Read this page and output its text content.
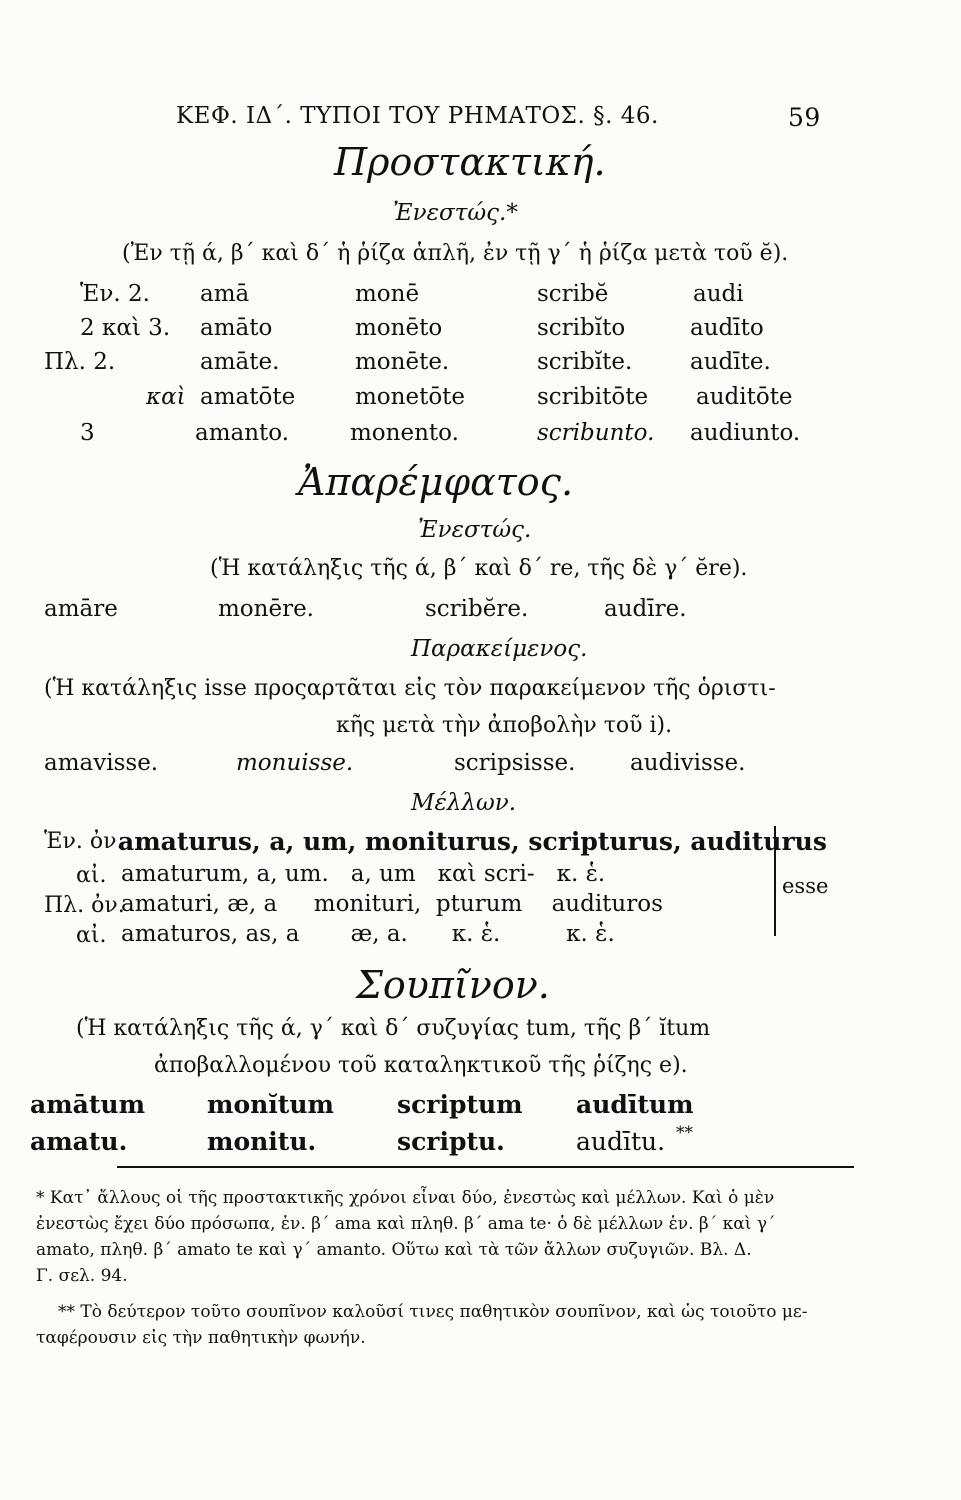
ΚΕΦ. ΙΔ΄. ΤΥΠΟΙ ΤΟΥ ΡΗΜΑΤΟΣ. §. 46.	59
Προστακτική.
Ἐνεστώς.*
(Ἐν τῇ ά, β΄ καὶ δ΄ ἡ ῥίζα ἁπλῆ, ἐν τῇ γ΄ ἡ ῥίζα μετὰ τοῦ ĕ).
Ἑν. 2. amā	monē	scribĕ	audi
2 καὶ 3. amāto	monēto	scribĭto	audīto
Πλ. 2.	amāte.	monēte.	scribĭte.	audīte.
καὶ amatōte	monetōte	scribitōte auditōte
3	amanto.	monento.	scribunto. audiunto.
Ἀπαρέμφατος.
Ἐνεστώς.
(Ἡ κατάληξις τῆς ά, β΄ καὶ δ΄ re, τῆς δὲ γ΄ ĕre).
amāre	monēre.	scribĕre.	audīre.
Παρακείμενος.
(Ἡ κατάληξις isse προςαρτᾶται εἰς τὸν παρακείμενον τῆς ὁριστι-
κῆς μετὰ τὴν ἀποβολὴν τοῦ i).
amavisse.	monuisse.	scripsisse. audivisse.
Μέλλων.
Ἑν. ὀν.
amaturus, a, um, moniturus, scripturus, auditurus
αἰ. amaturum, a, um.   a, um   καὶ scri-   κ. ἑ.
Πλ. ὀν.
amaturi, æ, a     monituri,  pturum    audituros
αἰ. amaturos, as, a       æ, a.      κ. ἑ.         κ. ἑ.
esse
Σουπῖνον.
(Ἡ κατάληξις τῆς ά, γ΄ καὶ δ΄ συζυγίας tum, τῆς β΄ ĭtum
ἀποβαλλομένου τοῦ καταληκτικοῦ τῆς ῥίζης e).
amātum monĭtum	scriptum audītum
amatu.	monitu.	scriptu.	audītu. **
* Κατ᾽ ἄλλους οἱ τῆς προστακτικῆς χρόνοι εἶναι δύο, ἐνεστὼς καὶ μέλλων. Καὶ ὁ μὲν
ἐνεστὼς ἔχει δύο πρόσωπα, ἑν. β΄ ama καὶ πληθ. β΄ ama te· ὁ δὲ μέλλων ἑν. β΄ καὶ γ΄
amato, πληθ. β΄ amato te καὶ γ΄ amanto. Οὕτω καὶ τὰ τῶν ἄλλων συζυγιῶν. Βλ. Δ.
Γ. σελ. 94.
** Τὸ δεύτερον τοῦτο σουπῖνον καλοῦσί τινες παθητικὸν σουπῖνον, καὶ ὡς τοιοῦτο με-
ταφέρουσιν εἰς τὴν παθητικὴν φωνήν.
